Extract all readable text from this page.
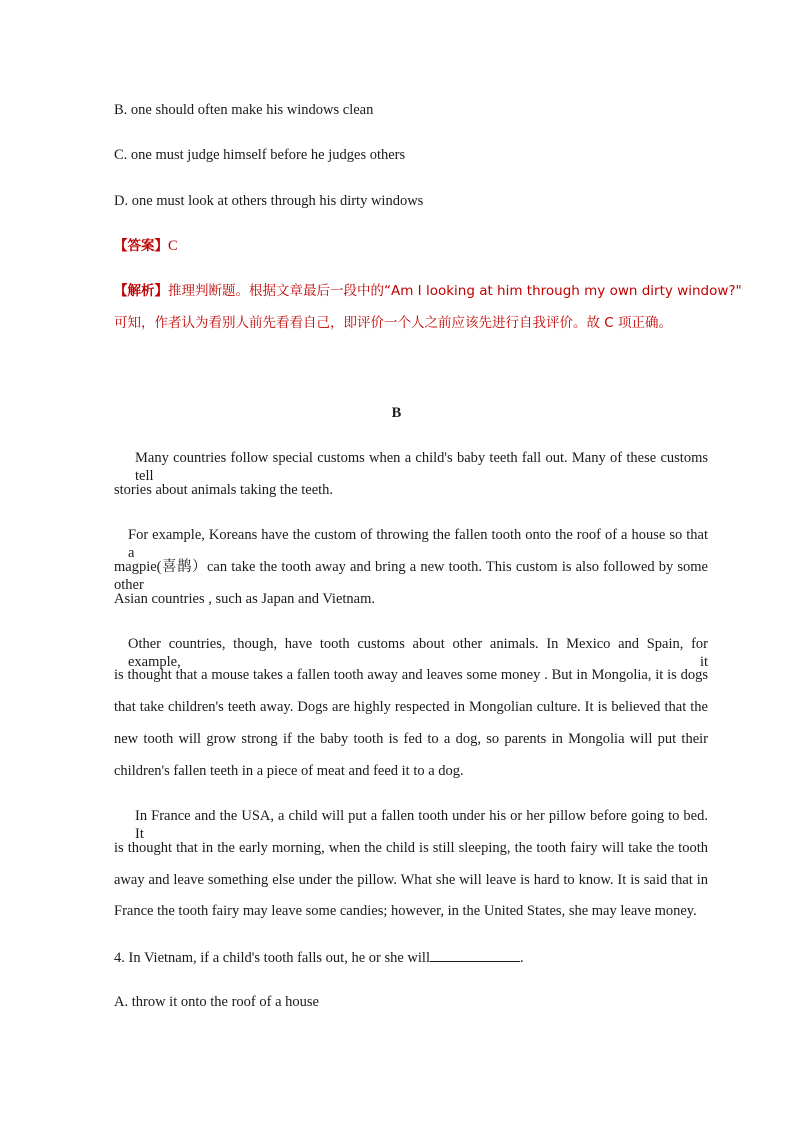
B. one should often make his windows clean
C. one must judge himself before he judges others
D. one must look at others through his dirty windows
【答案】C
【解析】推理判断题。根据文章最后一段中的“Am I looking at him through my own dirty window?"
可知，作者认为看别人前先看看自己，即评价一个人之前应该先进行自我评价。故 C 项正确。
B
Many countries follow special customs when a child's baby teeth fall out. Many of these customs tell
stories about animals taking the teeth.
For example, Koreans have the custom of throwing the fallen tooth onto the roof of a house so that a
magpie(喜鹊）can take the tooth away and bring a new tooth. This custom is also followed by some other
Asian countries , such as Japan and Vietnam.
Other countries, though, have tooth customs about other animals. In Mexico and Spain, for example, it
is thought that a mouse takes a fallen tooth away and leaves some money . But in Mongolia, it is dogs
that take children's teeth away. Dogs are highly respected in Mongolian culture. It is believed that the
new tooth will grow strong if the baby tooth is fed to a dog, so parents in Mongolia will put their
children's fallen teeth in a piece of meat and feed it to a dog.
In France and the USA, a child will put a fallen tooth under his or her pillow before going to bed. It
is thought that in the early morning, when the child is still sleeping, the tooth fairy will take the tooth
away and leave something else under the pillow. What she will leave is hard to know. It is said that in
France the tooth fairy may leave some candies; however, in the United States, she may leave money.
4. In Vietnam, if a child's tooth falls out, he or she will	.
A. throw it onto the roof of a house
